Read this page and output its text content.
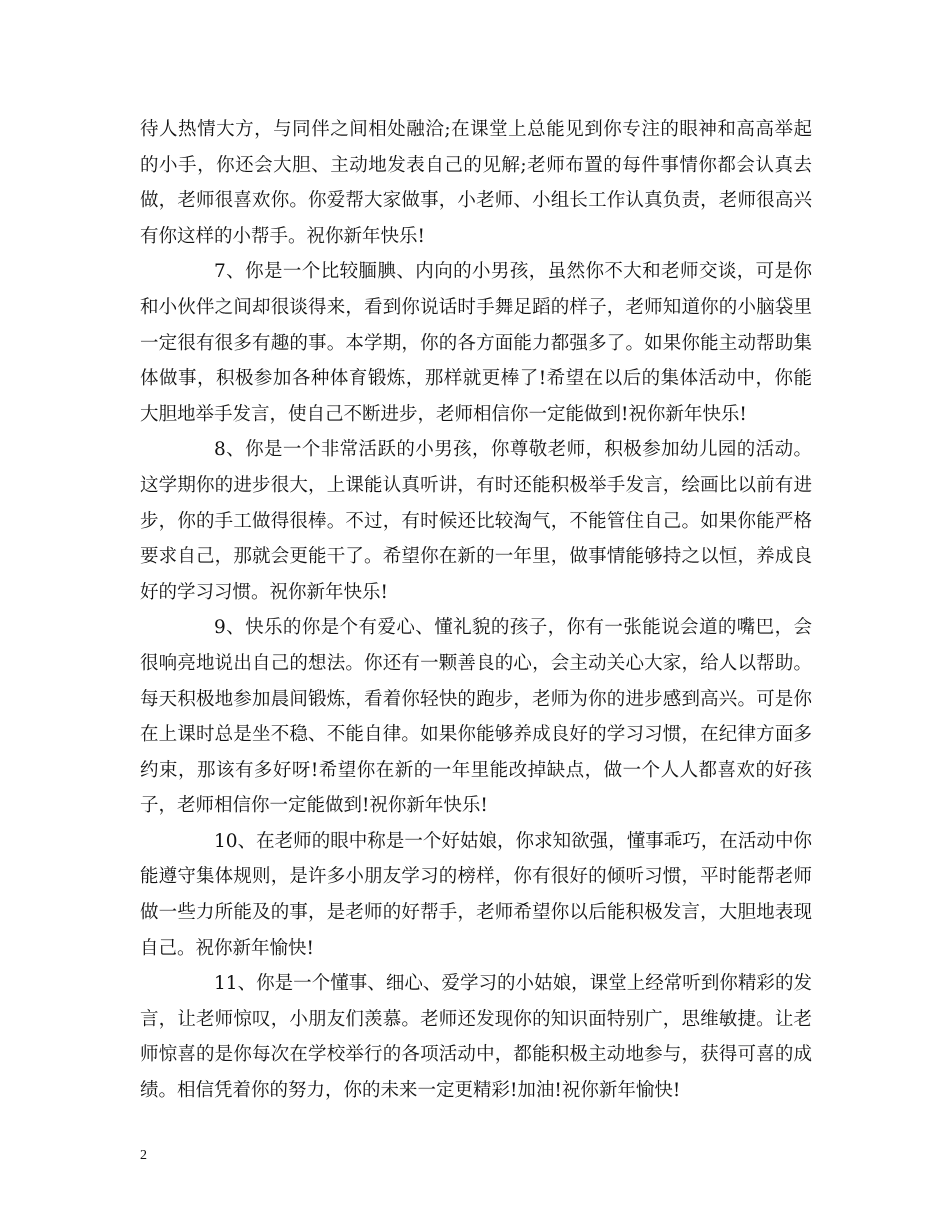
待人热情大方，与同伴之间相处融洽;在课堂上总能见到你专注的眼神和高高举起
的小手，你还会大胆、主动地发表自己的见解;老师布置的每件事情你都会认真去
做，老师很喜欢你。你爱帮大家做事，小老师、小组长工作认真负责，老师很高兴
有你这样的小帮手。祝你新年快乐!
7、你是一个比较腼腆、内向的小男孩，虽然你不大和老师交谈，可是你
和小伙伴之间却很谈得来，看到你说话时手舞足蹈的样子，老师知道你的小脑袋里
一定很有很多有趣的事。本学期，你的各方面能力都强多了。如果你能主动帮助集
体做事，积极参加各种体育锻炼，那样就更棒了!希望在以后的集体活动中，你能
大胆地举手发言，使自己不断进步，老师相信你一定能做到!祝你新年快乐!
8、你是一个非常活跃的小男孩，你尊敬老师，积极参加幼儿园的活动。
这学期你的进步很大，上课能认真听讲，有时还能积极举手发言，绘画比以前有进
步，你的手工做得很棒。不过，有时候还比较淘气，不能管住自己。如果你能严格
要求自己，那就会更能干了。希望你在新的一年里，做事情能够持之以恒，养成良
好的学习习惯。祝你新年快乐!
9、快乐的你是个有爱心、懂礼貌的孩子，你有一张能说会道的嘴巴，会
很响亮地说出自己的想法。你还有一颗善良的心，会主动关心大家，给人以帮助。
每天积极地参加晨间锻炼，看着你轻快的跑步，老师为你的进步感到高兴。可是你
在上课时总是坐不稳、不能自律。如果你能够养成良好的学习习惯，在纪律方面多
约束，那该有多好呀!希望你在新的一年里能改掉缺点，做一个人人都喜欢的好孩
子，老师相信你一定能做到!祝你新年快乐!
10、在老师的眼中称是一个好姑娘，你求知欲强，懂事乖巧，在活动中你
能遵守集体规则，是许多小朋友学习的榜样，你有很好的倾听习惯，平时能帮老师
做一些力所能及的事，是老师的好帮手，老师希望你以后能积极发言，大胆地表现
自己。祝你新年愉快!
11、你是一个懂事、细心、爱学习的小姑娘，课堂上经常听到你精彩的发
言，让老师惊叹，小朋友们羡慕。老师还发现你的知识面特别广，思维敏捷。让老
师惊喜的是你每次在学校举行的各项活动中，都能积极主动地参与，获得可喜的成
绩。相信凭着你的努力，你的未来一定更精彩!加油!祝你新年愉快!
2
